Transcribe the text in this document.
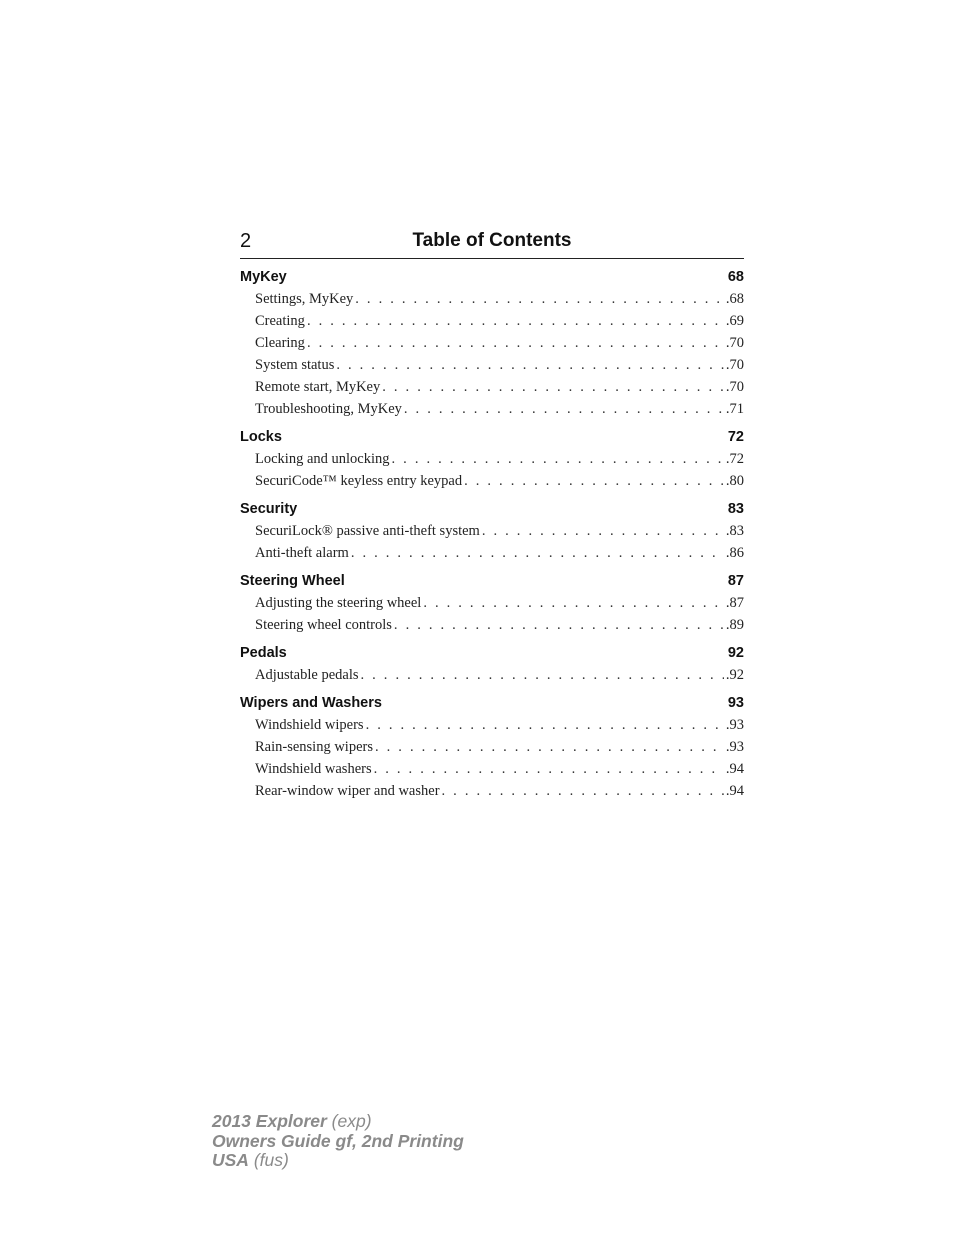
2	Table of Contents
MyKey	68
Settings, MyKey . . .	.68
Creating . . .	.69
Clearing . . .	.70
System status . . .	.70
Remote start, MyKey . . .	.70
Troubleshooting, MyKey . . .	.71
Locks	72
Locking and unlocking . . .	.72
SecuriCode™ keyless entry keypad . . .	.80
Security	83
SecuriLock® passive anti-theft system . . .	.83
Anti-theft alarm . . .	.86
Steering Wheel	87
Adjusting the steering wheel . . .	.87
Steering wheel controls . . .	.89
Pedals	92
Adjustable pedals . . .	.92
Wipers and Washers	93
Windshield wipers . . .	.93
Rain-sensing wipers . . .	.93
Windshield washers . . .	.94
Rear-window wiper and washer . . .	.94
2013 Explorer (exp)
Owners Guide gf, 2nd Printing
USA (fus)
